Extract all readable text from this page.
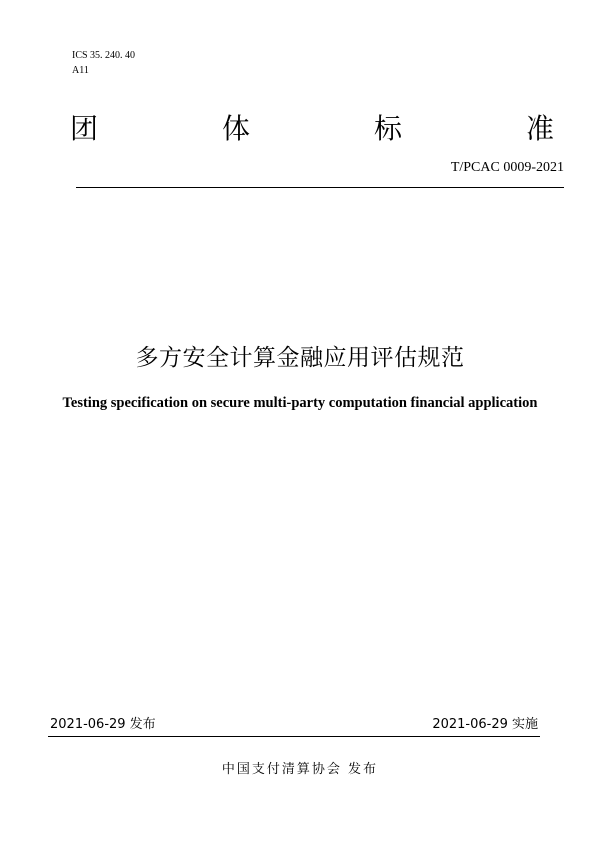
ICS 35. 240. 40
A11
团	体	标	准
T/PCAC 0009-2021
多方安全计算金融应用评估规范
Testing specification on secure multi-party computation financial application
2021-06-29 发布	2021-06-29 实施
中国支付清算协会 发布
